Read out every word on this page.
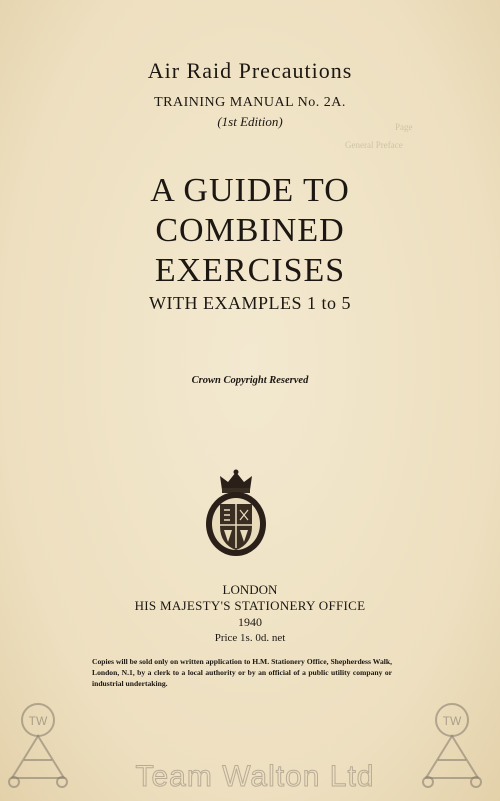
Page
General Preface
Air Raid Precautions
TRAINING MANUAL No. 2A.
(1st Edition)
A GUIDE TO
COMBINED
EXERCISES
WITH EXAMPLES 1 to 5
Crown Copyright Reserved
LONDON
HIS MAJESTY'S STATIONERY OFFICE
1940
Price 1s. 0d. net
Copies will be sold only on written application to H.M. Stationery Office, Shepherdess Walk, London, N.1, by a clerk to a local authority or by an official of a public utility company or industrial undertaking.
TW	TW
Team Walton Ltd
